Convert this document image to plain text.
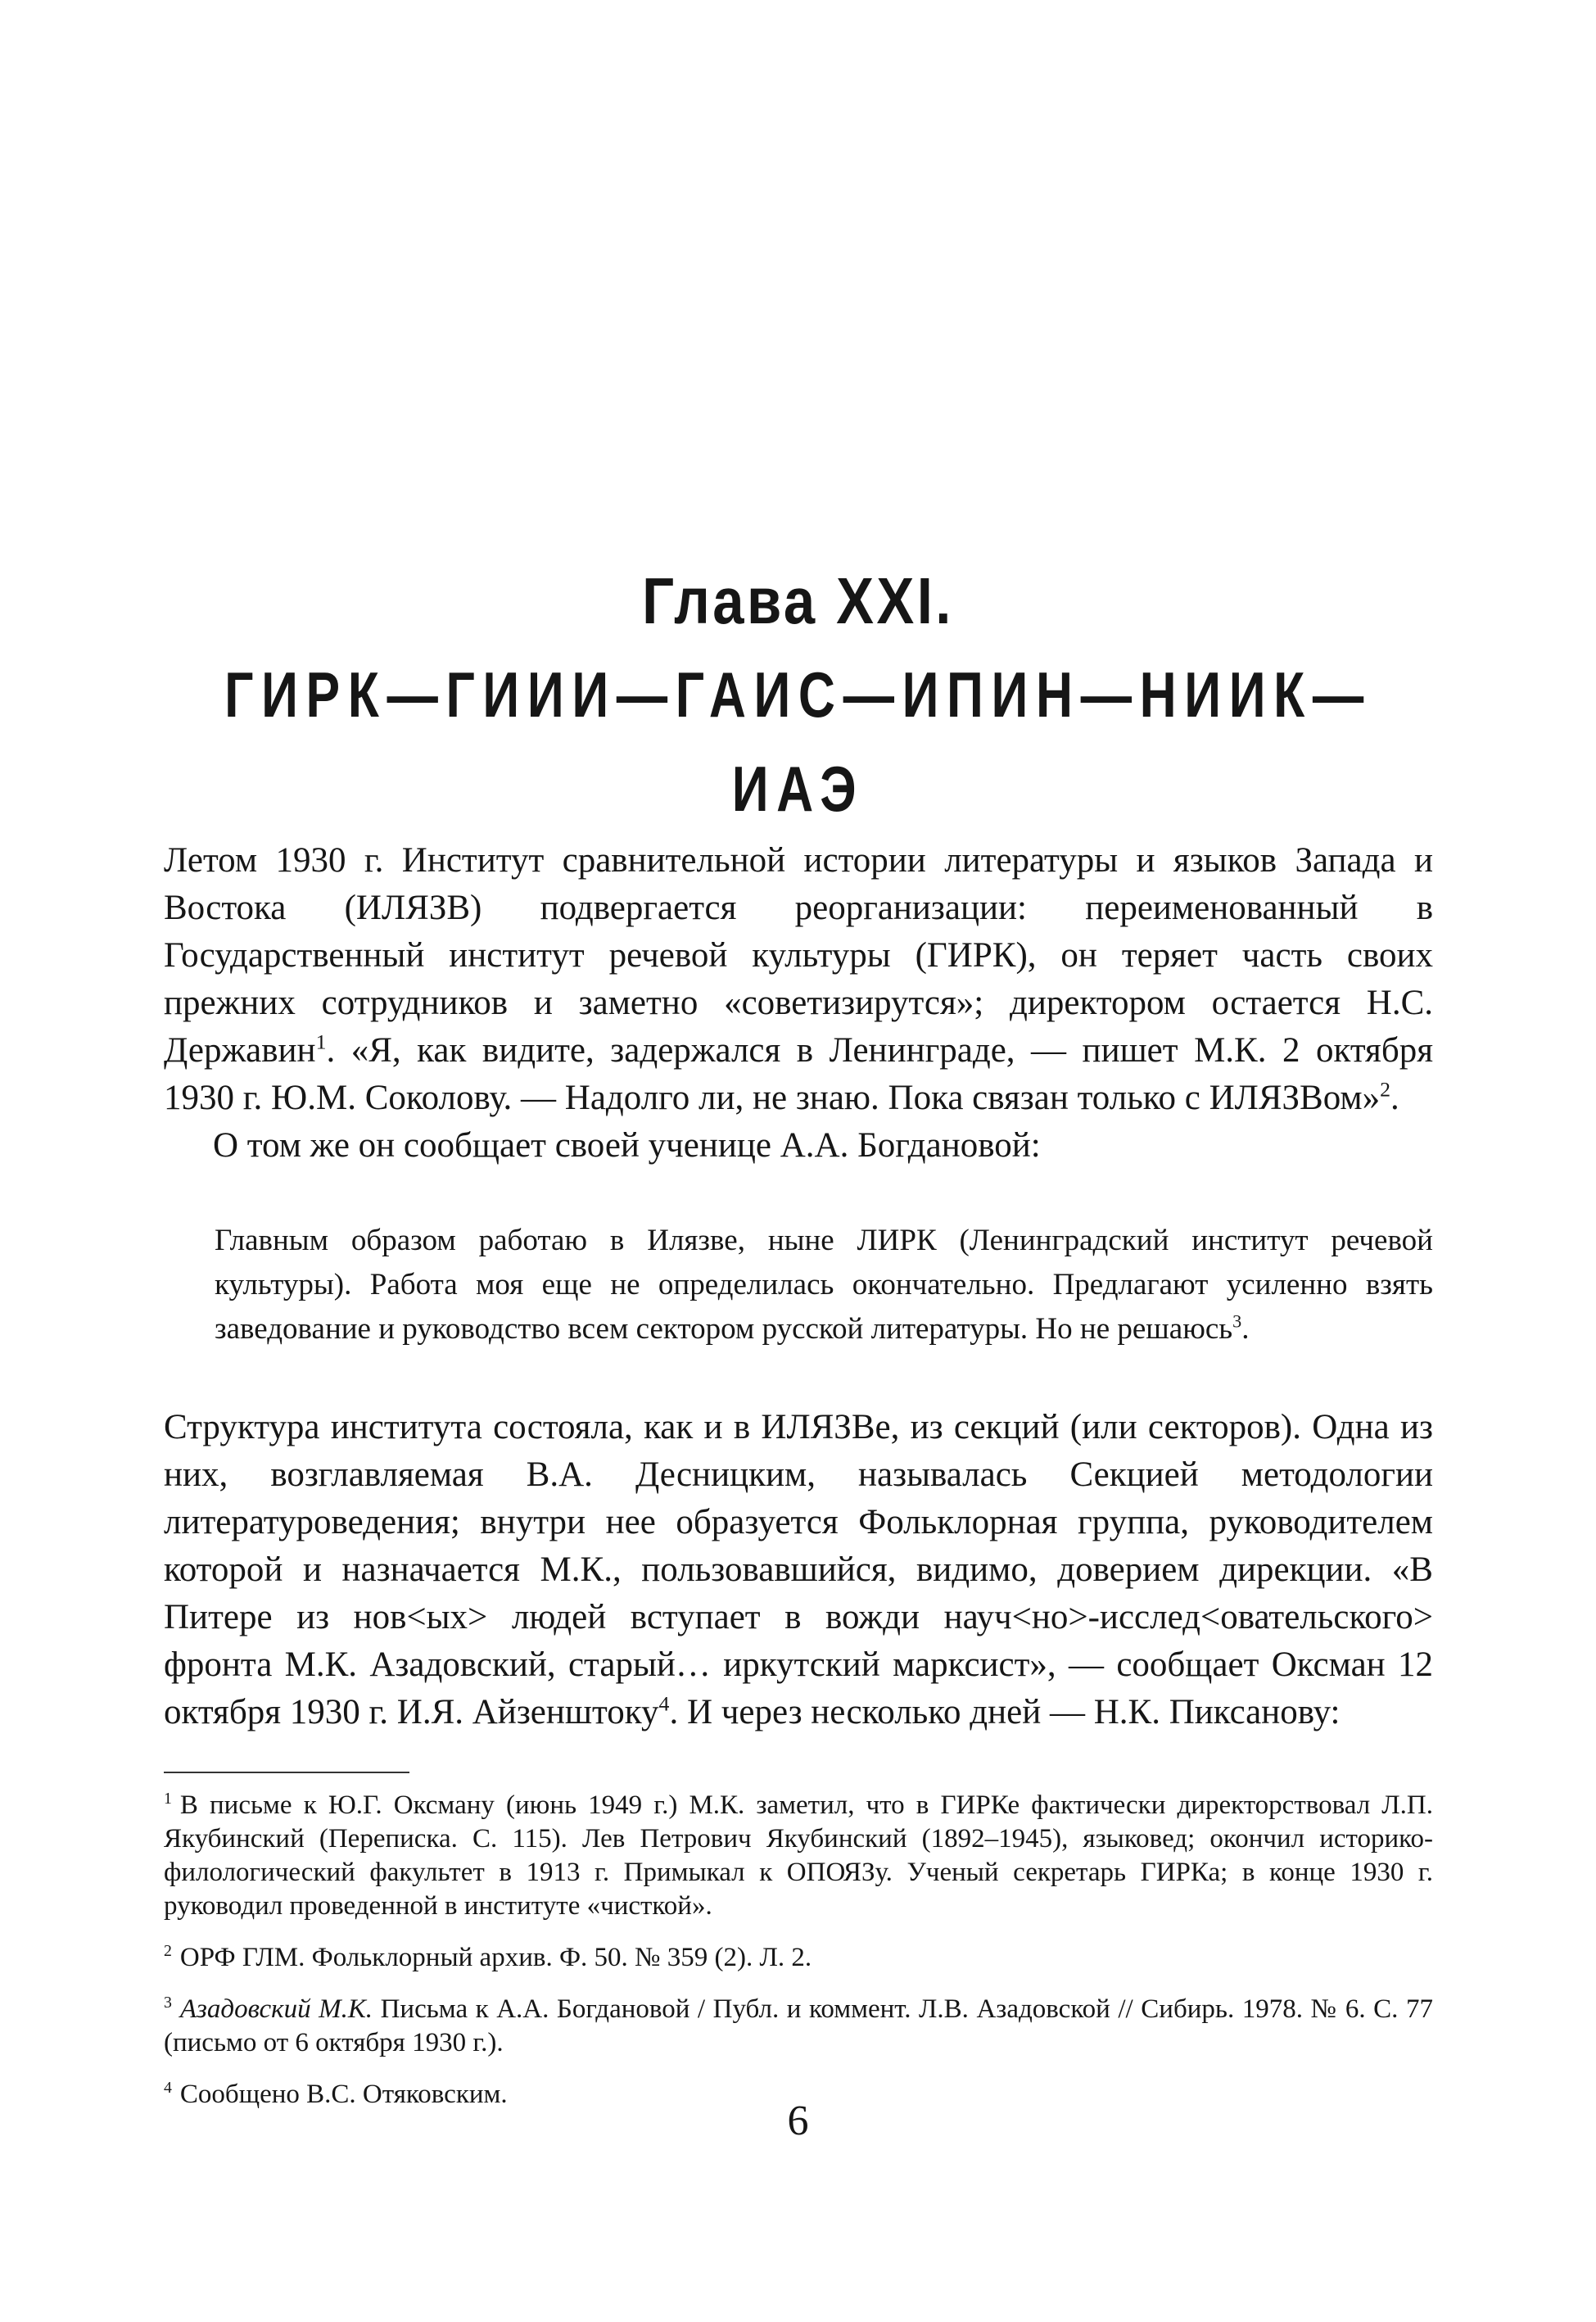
Глава XXI.
ГИРК—ГИИИ—ГАИС—ИПИН—НИИК—ИАЭ

Летом 1930 г. Институт сравнительной истории литературы и языков Запада и Востока (ИЛЯЗВ) подвергается реорганизации: переименованный в Государственный институт речевой культуры (ГИРК), он теряет часть своих прежних сотрудников и заметно «советизирутся»; директором остается Н.С. Державин$^1$. «Я, как видите, задержался в Ленинграде, — пишет М.К. 2 октября 1930 г. Ю.М. Соколову. — Надолго ли, не знаю. Пока связан только с ИЛЯЗВом»$^2$.

О том же он сообщает своей ученице А.А. Богдановой:

Главным образом работаю в Илязве, ныне ЛИРК (Ленинградский институт речевой культуры). Работа моя еще не определилась окончательно. Предлагают усиленно взять заведование и руководство всем сектором русской литературы. Но не решаюсь$^3$.

Структура института состояла, как и в ИЛЯЗВе, из секций (или секторов). Одна из них, возглавляемая В.А. Десницким, называлась Секцией методологии литературоведения; внутри нее образуется Фольклорная группа, руководителем которой и назначается М.К., пользовавшийся, видимо, доверием дирекции. «В Питере из нов<ых> людей вступает в вожди науч<но>-исслед<овательского> фронта М.К. Азадовский, старый… иркутский марксист», — сообщает Оксман 12 октября 1930 г. И.Я. Айзенштоку$^4$. И через несколько дней — Н.К. Пиксанову:

$^1$ В письме к Ю.Г. Оксману (июнь 1949 г.) М.К. заметил, что в ГИРКе фактически директорствовал Л.П. Якубинский (Переписка. С. 115). Лев Петрович Якубинский (1892–1945), языковед; окончил историко-филологический факультет в 1913 г. Примыкал к ОПОЯЗу. Ученый секретарь ГИРКа; в конце 1930 г. руководил проведенной в институте «чисткой».

$^2$ ОРФ ГЛМ. Фольклорный архив. Ф. 50. № 359 (2). Л. 2.

$^3$ Азадовский М.К. Письма к А.А. Богдановой / Публ. и коммент. Л.В. Азадовской // Сибирь. 1978. № 6. С. 77 (письмо от 6 октября 1930 г.).

$^4$ Сообщено В.С. Отяковским.

6
